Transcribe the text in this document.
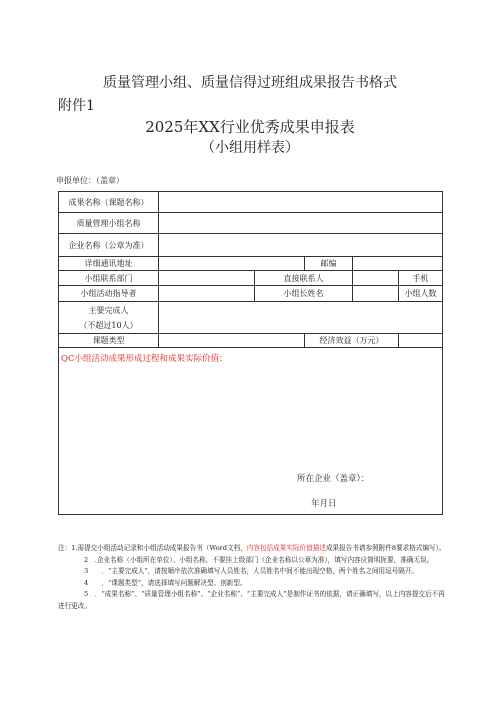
质量管理小组、质量信得过班组成果报告书格式
附件1
2025年XX行业优秀成果申报表
（小组用样表）
申报单位：（盖章）
成果名称（课题名称）					
质量管理小组名称					
企业名称（公章为准）					
详细通讯地址			邮编		
小组联系部门		直接联系人			手机
小组活动指导者		小组长姓名			小组人数

主要完成人
（不超过10人）					

课题类型			经济效益（万元）		

QC小组活动成果形成过程和成果实际价值：
所在企业（盖章）：
年月日					

注：1.需提交小组活动记录和小组活动成果报告书（Word文档，内容包括成果实际价值描述成果报告书请参照附件8要求格式编写）。

2　.企业名称（小组所在单位）、小组名称，不要挂上级部门（企业名称以公章为准），填写内容应简明扼要，准确无误。

3　　．“主要完成人”，请按顺序依次准确填写人员姓名，人员姓名中间不能出现空格，两个姓名之间用逗号隔开。

4　　．“课题类型”，请选择填写问题解决型、创新型。

5　．“成果名称”、“质量管理小组名称”、“企业名称”、“主要完成人”是制作证书的依据，请正确填写，以上内容提交后不再进行更改。
